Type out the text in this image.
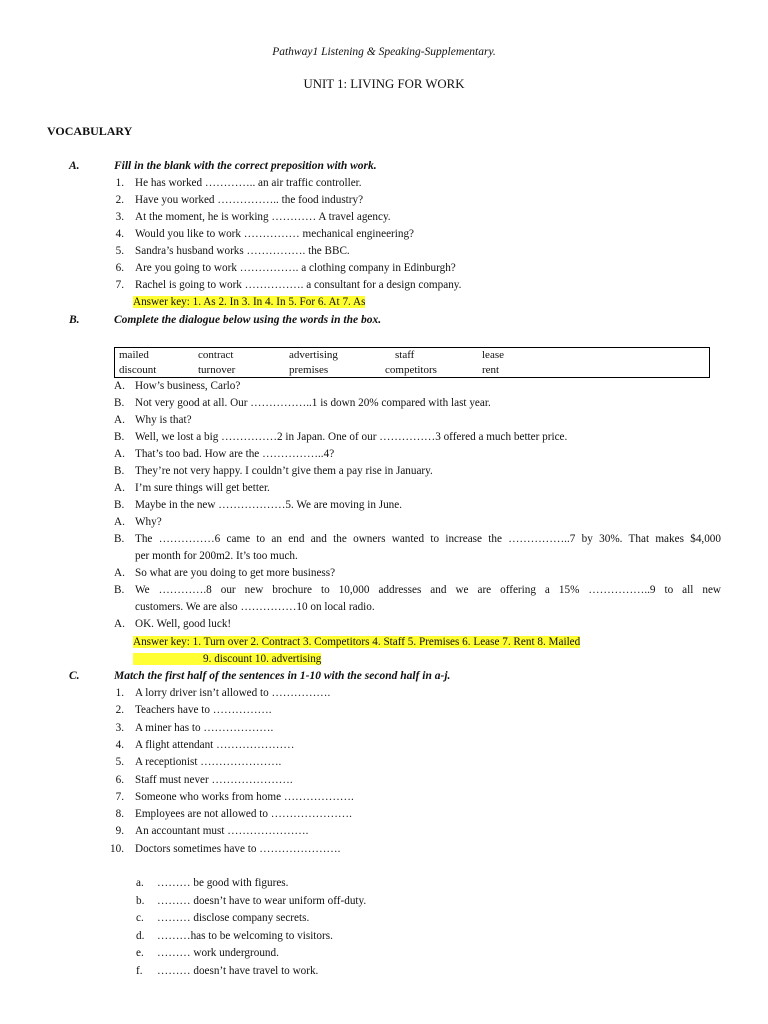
Pathway1 Listening & Speaking-Supplementary.
UNIT 1: LIVING FOR WORK
VOCABULARY
A.	Fill in the blank with the correct preposition with work.
1. He has worked ………….. an air traffic controller.
2. Have you worked …………….. the food industry?
3. At the moment, he is working ………… A travel agency.
4. Would you like to work …………… mechanical engineering?
5. Sandra’s husband works ……………. the BBC.
6. Are you going to work ……………. a clothing company in Edinburgh?
7. Rachel is going to work ……………. a consultant for a design company.
Answer key: 1. As 2. In 3. In 4. In 5. For 6. At 7. As
B.	Complete the dialogue below using the words in the box.
mailed	contract	advertising	staff	lease
discount	turnover	premises	competitors	rent
A. How’s business, Carlo?
B. Not very good at all. Our ……………..1 is down 20% compared with last year.
A. Why is that?
B. Well, we lost a big ……………2 in Japan. One of our ……………3 offered a much better price.
A. That’s too bad. How are the ……………..4?
B. They’re not very happy. I couldn’t give them a pay rise in January.
A. I’m sure things will get better.
B. Maybe in the new ………………5. We are moving in June.
A. Why?
B. The ……………6 came to an end and the owners wanted to increase the ……………..7 by 30%. That makes $4,000
per month for 200m2. It’s too much.
A. So what are you doing to get more business?
B. We ………….8 our new brochure to 10,000 addresses and we are offering a 15% ……………..9 to all new
customers. We are also ……………10 on local radio.
A. OK. Well, good luck!
Answer key: 1. Turn over 2. Contract 3. Competitors 4. Staff 5. Premises 6. Lease 7. Rent 8. Mailed
9. discount 10. advertising
C.	Match the first half of the sentences in 1-10 with the second half in a-j.
1. A lorry driver isn’t allowed to …………….
2. Teachers have to …………….
3. A miner has to ……………….
4. A flight attendant …………………
5. A receptionist ………………….
6. Staff must never ………………….
7. Someone who works from home ……………….
8. Employees are not allowed to ………………….
9. An accountant must ………………….
10. Doctors sometimes have to ………………….
a. ……… be good with figures.
b. ……… doesn’t have to wear uniform off-duty.
c. ……… disclose company secrets.
d. ………has to be welcoming to visitors.
e. ……… work underground.
f. ……… doesn’t have travel to work.
